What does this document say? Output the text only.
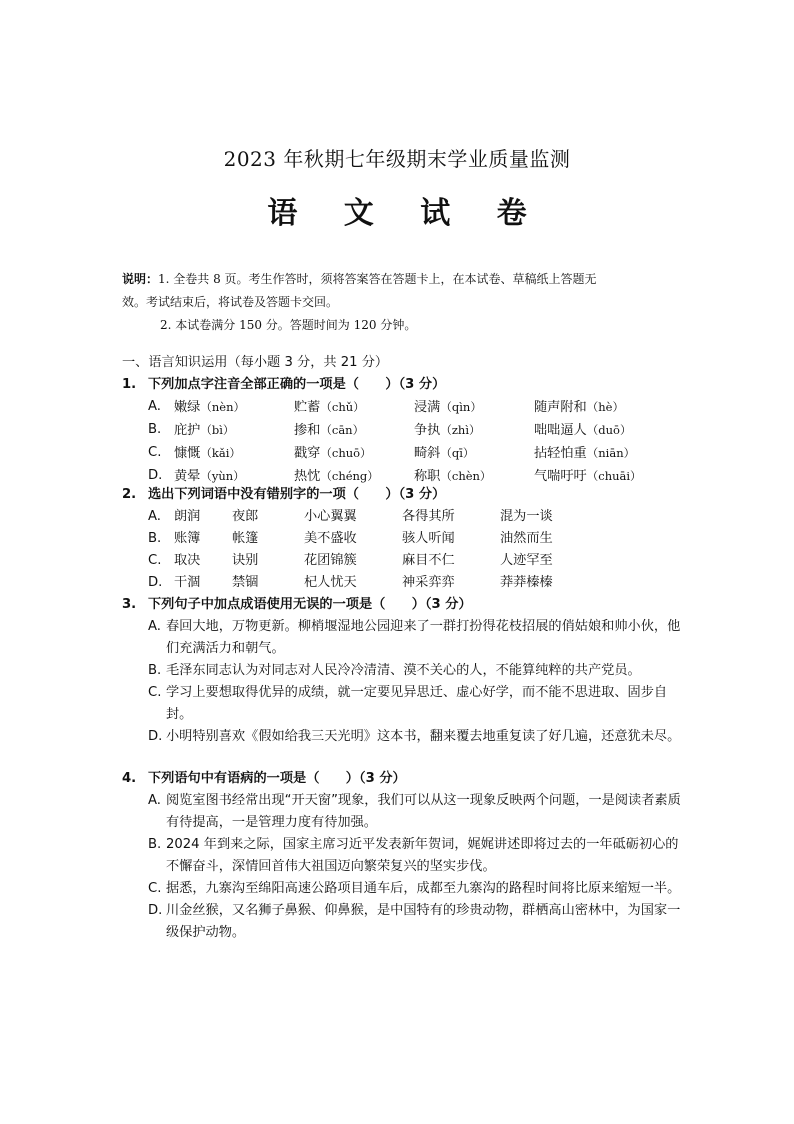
2023 年秋期七年级期末学业质量监测
语 文 试 卷
说明：1. 全卷共 8 页。考生作答时，须将答案答在答题卡上，在本试卷、草稿纸上答题无
效。考试结束后，将试卷及答题卡交回。
2. 本试卷满分 150 分。答题时间为 120 分钟。
一、语言知识运用（每小题 3 分，共 21 分）
1. 下列加点字注音全部正确的一项是（　　）（3 分）
A. 嫩绿（nèn）	贮蓄（chǔ）	浸满（qìn）	随声附和（hè）
B. 庇护（bì）	掺和（cān）	争执（zhì）	咄咄逼人（duō）
C. 慷慨（kǎi）	戳穿（chuō）	畸斜（qī）	拈轻怕重（niān）
D. 黄晕（yùn）	热忱（chéng）	称职（chèn）	气喘吁吁（chuāi）
2. 选出下列词语中没有错别字的一项（　　）（3 分）
A. 朗润	夜郎	小心翼翼	各得其所	混为一谈
B. 账簿	帐篷	美不盛收	骇人听闻	油然而生
C. 取决	诀别	花团锦簇	麻目不仁	人迹罕至
D. 干涸	禁锢	杞人忧天	神采弈弈	莽莽榛榛
3. 下列句子中加点成语使用无误的一项是（　　）（3 分）
A. 春回大地，万物更新。柳梢堰湿地公园迎来了一群打扮得花枝招展的俏姑娘和帅小伙，他们充满活力和朝气。
B. 毛泽东同志认为对同志对人民冷冷清清、漠不关心的人，不能算纯粹的共产党员。
C. 学习上要想取得优异的成绩，就一定要见异思迁、虚心好学，而不能不思进取、固步自封。
D. 小明特别喜欢《假如给我三天光明》这本书，翻来覆去地重复读了好几遍，还意犹未尽。
4. 下列语句中有语病的一项是（　　）（3 分）
A. 阅览室图书经常出现“开天窗”现象，我们可以从这一现象反映两个问题，一是阅读者素质有待提高，一是管理力度有待加强。
B. 2024 年到来之际，国家主席习近平发表新年贺词，娓娓讲述即将过去的一年砥砺初心的不懈奋斗，深情回首伟大祖国迈向繁荣复兴的坚实步伐。
C. 据悉，九寨沟至绵阳高速公路项目通车后，成都至九寨沟的路程时间将比原来缩短一半。
D. 川金丝猴，又名狮子鼻猴、仰鼻猴，是中国特有的珍贵动物，群栖高山密林中，为国家一级保护动物。
